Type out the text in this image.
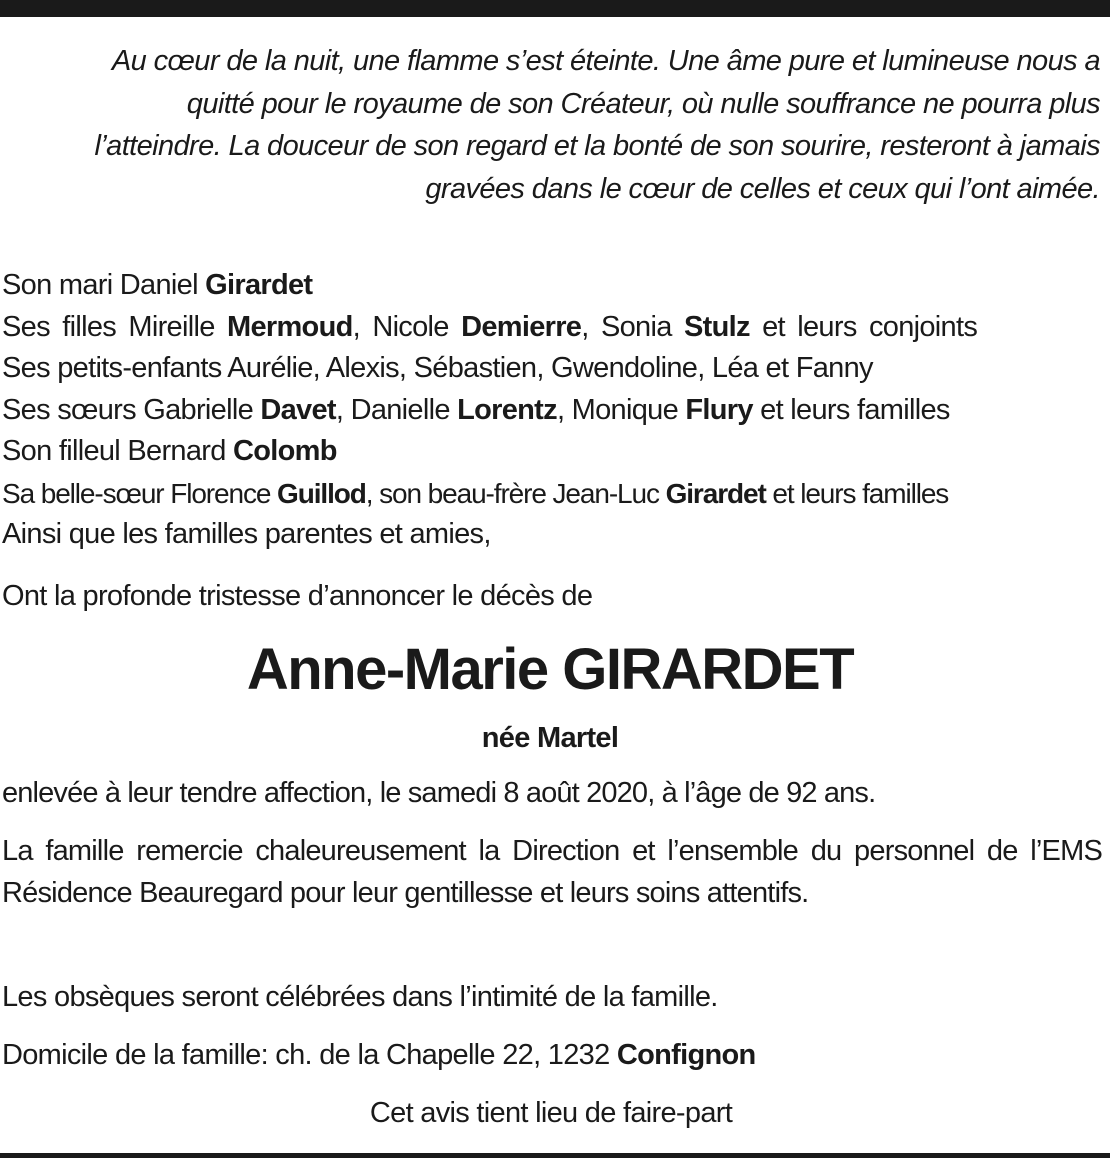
Au cœur de la nuit, une flamme s’est éteinte. Une âme pure et lumineuse nous a quitté pour le royaume de son Créateur, où nulle souffrance ne pourra plus l’atteindre. La douceur de son regard et la bonté de son sourire, resteront à jamais gravées dans le cœur de celles et ceux qui l’ont aimée.

Son mari Daniel Girardet
Ses filles Mireille Mermoud, Nicole Demierre, Sonia Stulz et leurs conjoints
Ses petits-enfants Aurélie, Alexis, Sébastien, Gwendoline, Léa et Fanny
Ses sœurs Gabrielle Davet, Danielle Lorentz, Monique Flury et leurs familles
Son filleul Bernard Colomb
Sa belle-sœur Florence Guillod, son beau-frère Jean-Luc Girardet et leurs familles
Ainsi que les familles parentes et amies,
Ont la profonde tristesse d’annoncer le décès de
Anne-Marie GIRARDET
née Martel
enlevée à leur tendre affection, le samedi 8 août 2020, à l’âge de 92 ans.
La famille remercie chaleureusement la Direction et l’ensemble du personnel de l’EMS Résidence Beauregard pour leur gentillesse et leurs soins attentifs.
Les obsèques seront célébrées dans l’intimité de la famille.
Domicile de la famille: ch. de la Chapelle 22, 1232 Confignon
Cet avis tient lieu de faire-part
